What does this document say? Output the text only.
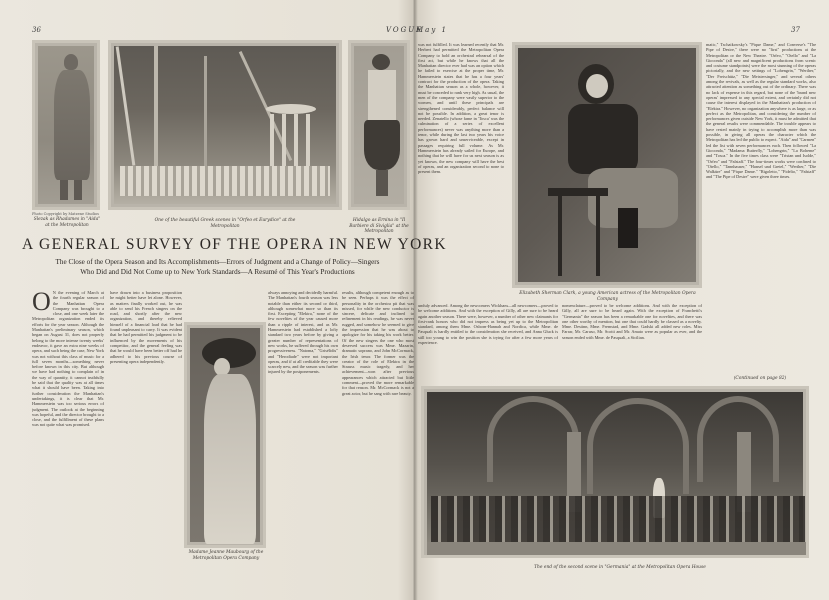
36	VOGUE
May 1	37
Photo Copyright by Matzene Studios
Slezak as Rhadames in "Aida" at the Metropolitan
One of the beautiful Greek scenes in "Orfeo et Eurydice" at the Metropolitan
Hidalgo as Ernina in "Il Barbiere di Siviglia" at the Metropolitan
A GENERAL SURVEY OF THE OPERA IN NEW YORK
The Close of the Opera Season and Its Accomplishments—Errors of Judgment and a Change of Policy—Singers
Who Did and Did Not Come up to New York Standards—A Resumé of This Year's Productions
O N the evening of March at the fourth regular season of the Manhattan Opera Company was brought to a close, and one week later the Metropolitan organization ended its efforts for the year season. Although the Manhattan's preliminary season, which began on August 31, does not properly belong to the more intense twenty weeks' endeavor, it gave an extra nine weeks of opera, and such being the case, New York was not without this class of music for a full seven months—something never before known in this city. But although we have had nothing to complain of in the way of quantity, it cannot truthfully be said that the quality was at all times what it should have been. Taking into further consideration the Manhattan's undertakings, it is clear that Mr. Hammerstein was too serious errors of judgment. The outlook at the beginning was hopeful, and the director brought to a close, and the fulfillment of these plans was not quite what was promised.
have drawn into a business proposition he might better have let alone. However, as matters finally worked out, he was able to send his French singers on the road, and shortly after the new organization, and thereby relieved himself of a financial load that he had found unpleasant to carry. It was evident that he had permitted his judgment to be influenced by the movements of his competitor, and the general feeling was that he would have been better off had he adhered to his previous course of presenting opera independently.
Madame Jeanne Maubourg of the Metropolitan Opera Company
always annoying and decidedly harmful. The Manhattan's fourth season was less notable than either its second or third, although somewhat more so than its first. Excepting "Elektra," none of the few novelties of the year caused more than a ripple of interest, and as Mr. Hammerstein had established a lofty standard two years before by giving a greater number of representations of new works, he suffered through his own progressiveness. "Natoma," "Grisélidis" and "Herodiade" were not important operas, and if at all creditable they were scarcely new, and the season was further injured by the postponements.
results, although competent enough as to be seen. Perhaps it was the effect of personality in the orchestra pit that was missed, for while the new conductor is sincere, delicate and inclined to refinement in his readings, he was never rugged, and somehow he seemed to give the impression that he was about to apologize for his taking his work better. Of the new singers the one who most deserved success was Mme. Mazarin, dramatic soprano, and John McCormack, the Irish tenor. The former was the creator of the role of Elektra in the Strauss music tragedy, and her achievement—won after previous appearances which attracted but little comment—proved the more remarkable for that reason. Mr. McCormack is not a great actor, but he sang with rare beauty.
was not fulfilled. It was learned recently that Mr. Herbert had permitted the Metropolitan Opera Company to hold an orchestral rehearsal of the first act, but while he knows that all the Manhattan director ever had was an option which he failed to exercise at the proper time, Mr. Hammerstein states that he has a four years' contract for the production of the opera. Taking the Manhattan season as a whole, however, it must be conceded to rank very high. As usual, the men of the company were vastly superior to the women, and until these principals are strengthened considerably, perfect balance will not be possible. In addition, a great tenor is needed. Zenatello (whose fame in 'Tosca' was the culmination of a series of excellent performances) never was anything more than a tenor, while during the last two years his voice has grown hard and unserviceable, except in passages requiring full volume. As Mr. Hammerstein has already sailed for Europe, and nothing that he will have for us next season is as yet known, the new company will have the best of operas, and an organization second to none to present them.
Elizabeth Sherman Clark, a young American actress of the Metropolitan Opera Company
matic," Tschaikowsky's "Pique Dame," and Converse's "The Pipe of Desire," there were no "first" productions at the Metropolitan or the New Theatre. "Orfeo," "Otello" and "La Gioconda" (all new and magnificent productions from scenic and costume standpoints) were the most stunning of the operas pictorially, and the new settings of "Lohengrin," "Werther," "Der Freischütz," "Die Meistersinger," and several others among the revivals, as well as the regular standard works, also attracted attention as something out of the ordinary. There was no lack of expense in this regard, but none of the 'brand new operas' impressed to any special extent, and certainly did not cause the interest displayed in the Manhattan's production of "Elektra." However, no organization anywhere is as large, or as perfect as the Metropolitan, and considering the number of performances given outside New York, it must be admitted that the general results were commendable. The trouble appears to have rested mainly in trying to accomplish more than was possible, in giving all operas the character which the Metropolitan has led the public to expect. "Aida" and "Carmen" led the list with seven performances each. Then followed "La Gioconda," "Madama Butterfly," "Lohengrin," "La Boheme" and "Tosca." In the five times class were "Tristan und Isolde," "Orfeo" and "Falstaff." The four-times works were confined to "Otello," "Tannhauser," "Hansel und Gretel," "Werther," "Die Walküre" and "Pique Dame." "Rigoletto," "Fidelio," "Falstaff" and "The Pipe of Desire" were given three times.
(Continued on page 82)
unduly advanced. Among the newcomers Wickham—all newcomers—proved to be welcome additions. And with the exception of Gilly, all are sure to be heard again another season. There were, however, a number of other new claimants for first-rank honors who did not impress as being yet up to the Metropolitan standard, among them Mme. Osborn-Hannah and Nordica, while Mme. de Pasquali is hardly entitled to the consideration she received, and Anna Gluck is still too young to win the position she is trying for after a few more years of experience.
nomenclature—proved to be welcome additions. And with the exception of Gilly, all are sure to be heard again. With the exception of Franchetti's "Germania" the season has been a remarkable one for novelties, and there was one other worthy of mention, but one that could hardly be classed as a novelty. Mme. Destinn, Mme. Fremstad, and Mme. Gadski all added new roles. Miss Farrar, Mr. Caruso, Mr. Scotti and Mr. Amato were as popular as ever, and the season ended with Mme. de Pasquali, a Sicilian.
The end of the second scene in "Germania" at the Metropolitan Opera House
